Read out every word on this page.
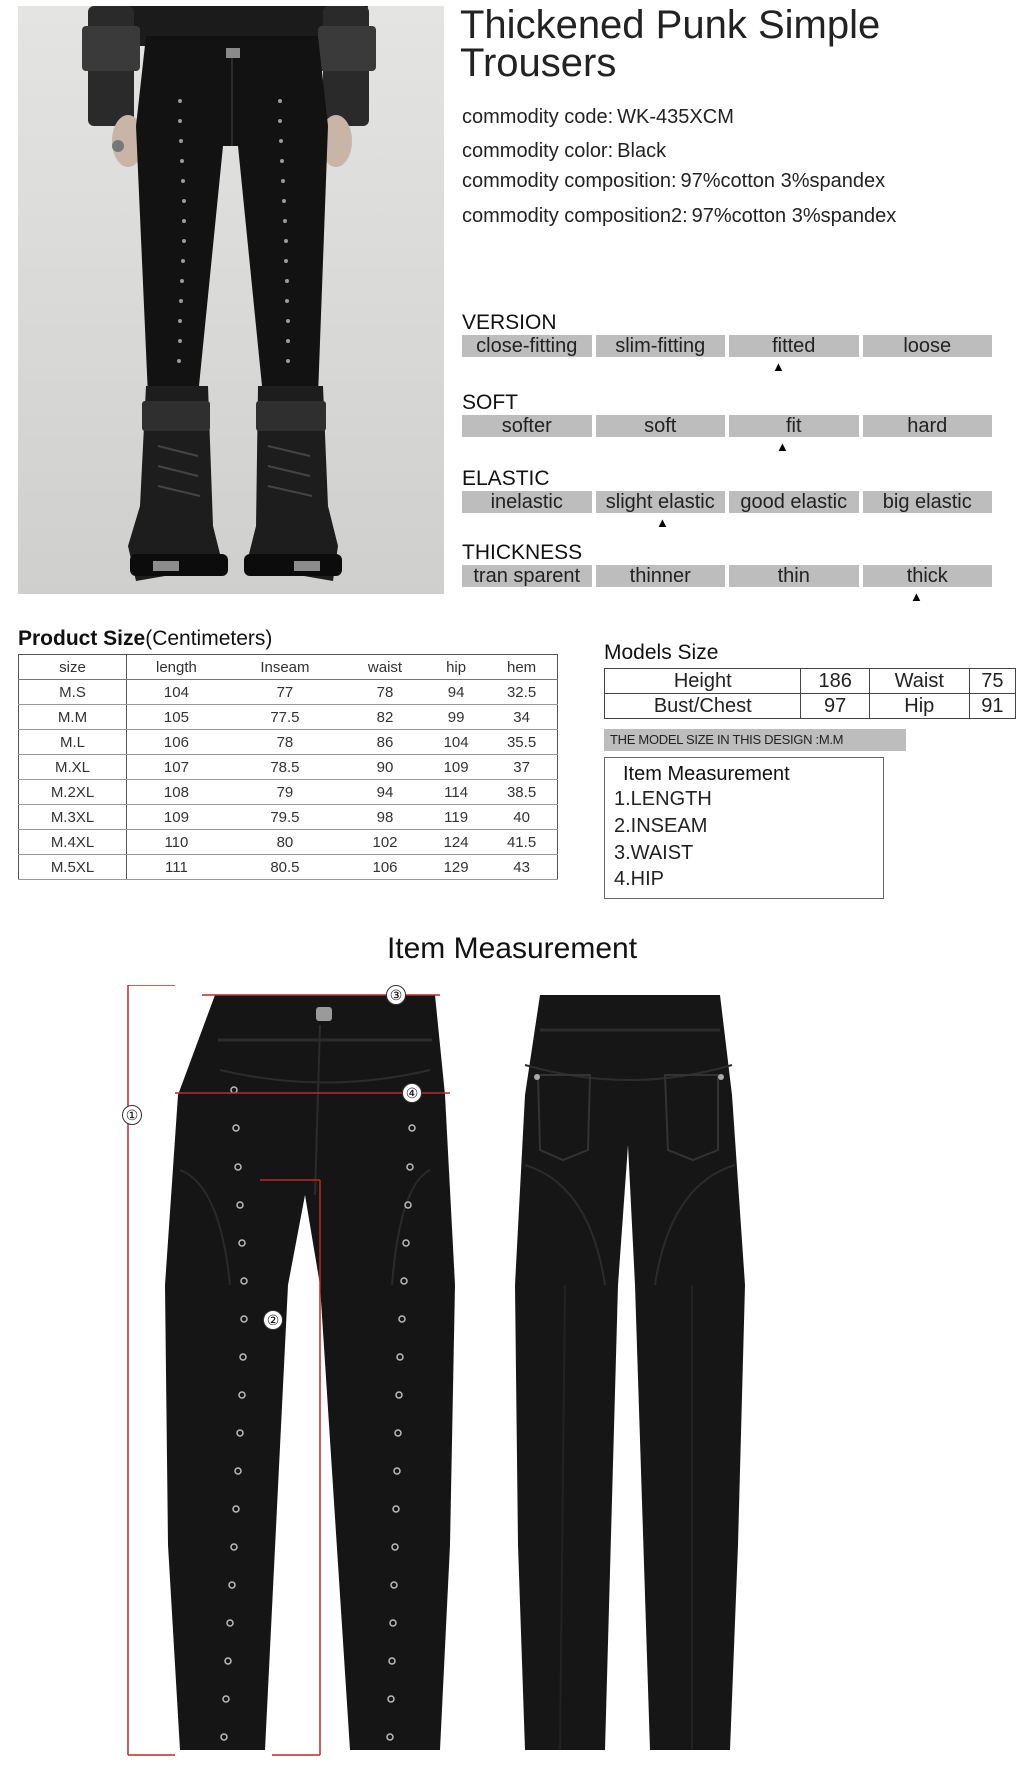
Thickened Punk Simple Trousers
commodity code: WK-435XCM
commodity color: Black
commodity composition: 97%cotton 3%spandex
commodity composition2: 97%cotton 3%spandex
VERSION
close-fitting	slim-fitting	fitted	loose
▲
SOFT
softer	soft	fit	hard
▲
ELASTIC
inelastic	slight elastic	good elastic	big elastic
▲
THICKNESS
tran sparent	thinner	thin	thick
▲
Product Size(Centimeters)
size	length	Inseam	waist	hip	hem
M.S	104	77	78	94	32.5
M.M	105	77.5	82	99	34
M.L	106	78	86	104	35.5
M.XL	107	78.5	90	109	37
M.2XL	108	79	94	114	38.5
M.3XL	109	79.5	98	119	40
M.4XL	110	80	102	124	41.5
M.5XL	111	80.5	106	129	43
Models Size
Height	186	Waist	75
Bust/Chest	97	Hip	91
THE MODEL SIZE IN THIS DESIGN :M.M
Item Measurement
1.LENGTH
2.INSEAM
3.WAIST
4.HIP
Item Measurement
①
②
③
④
